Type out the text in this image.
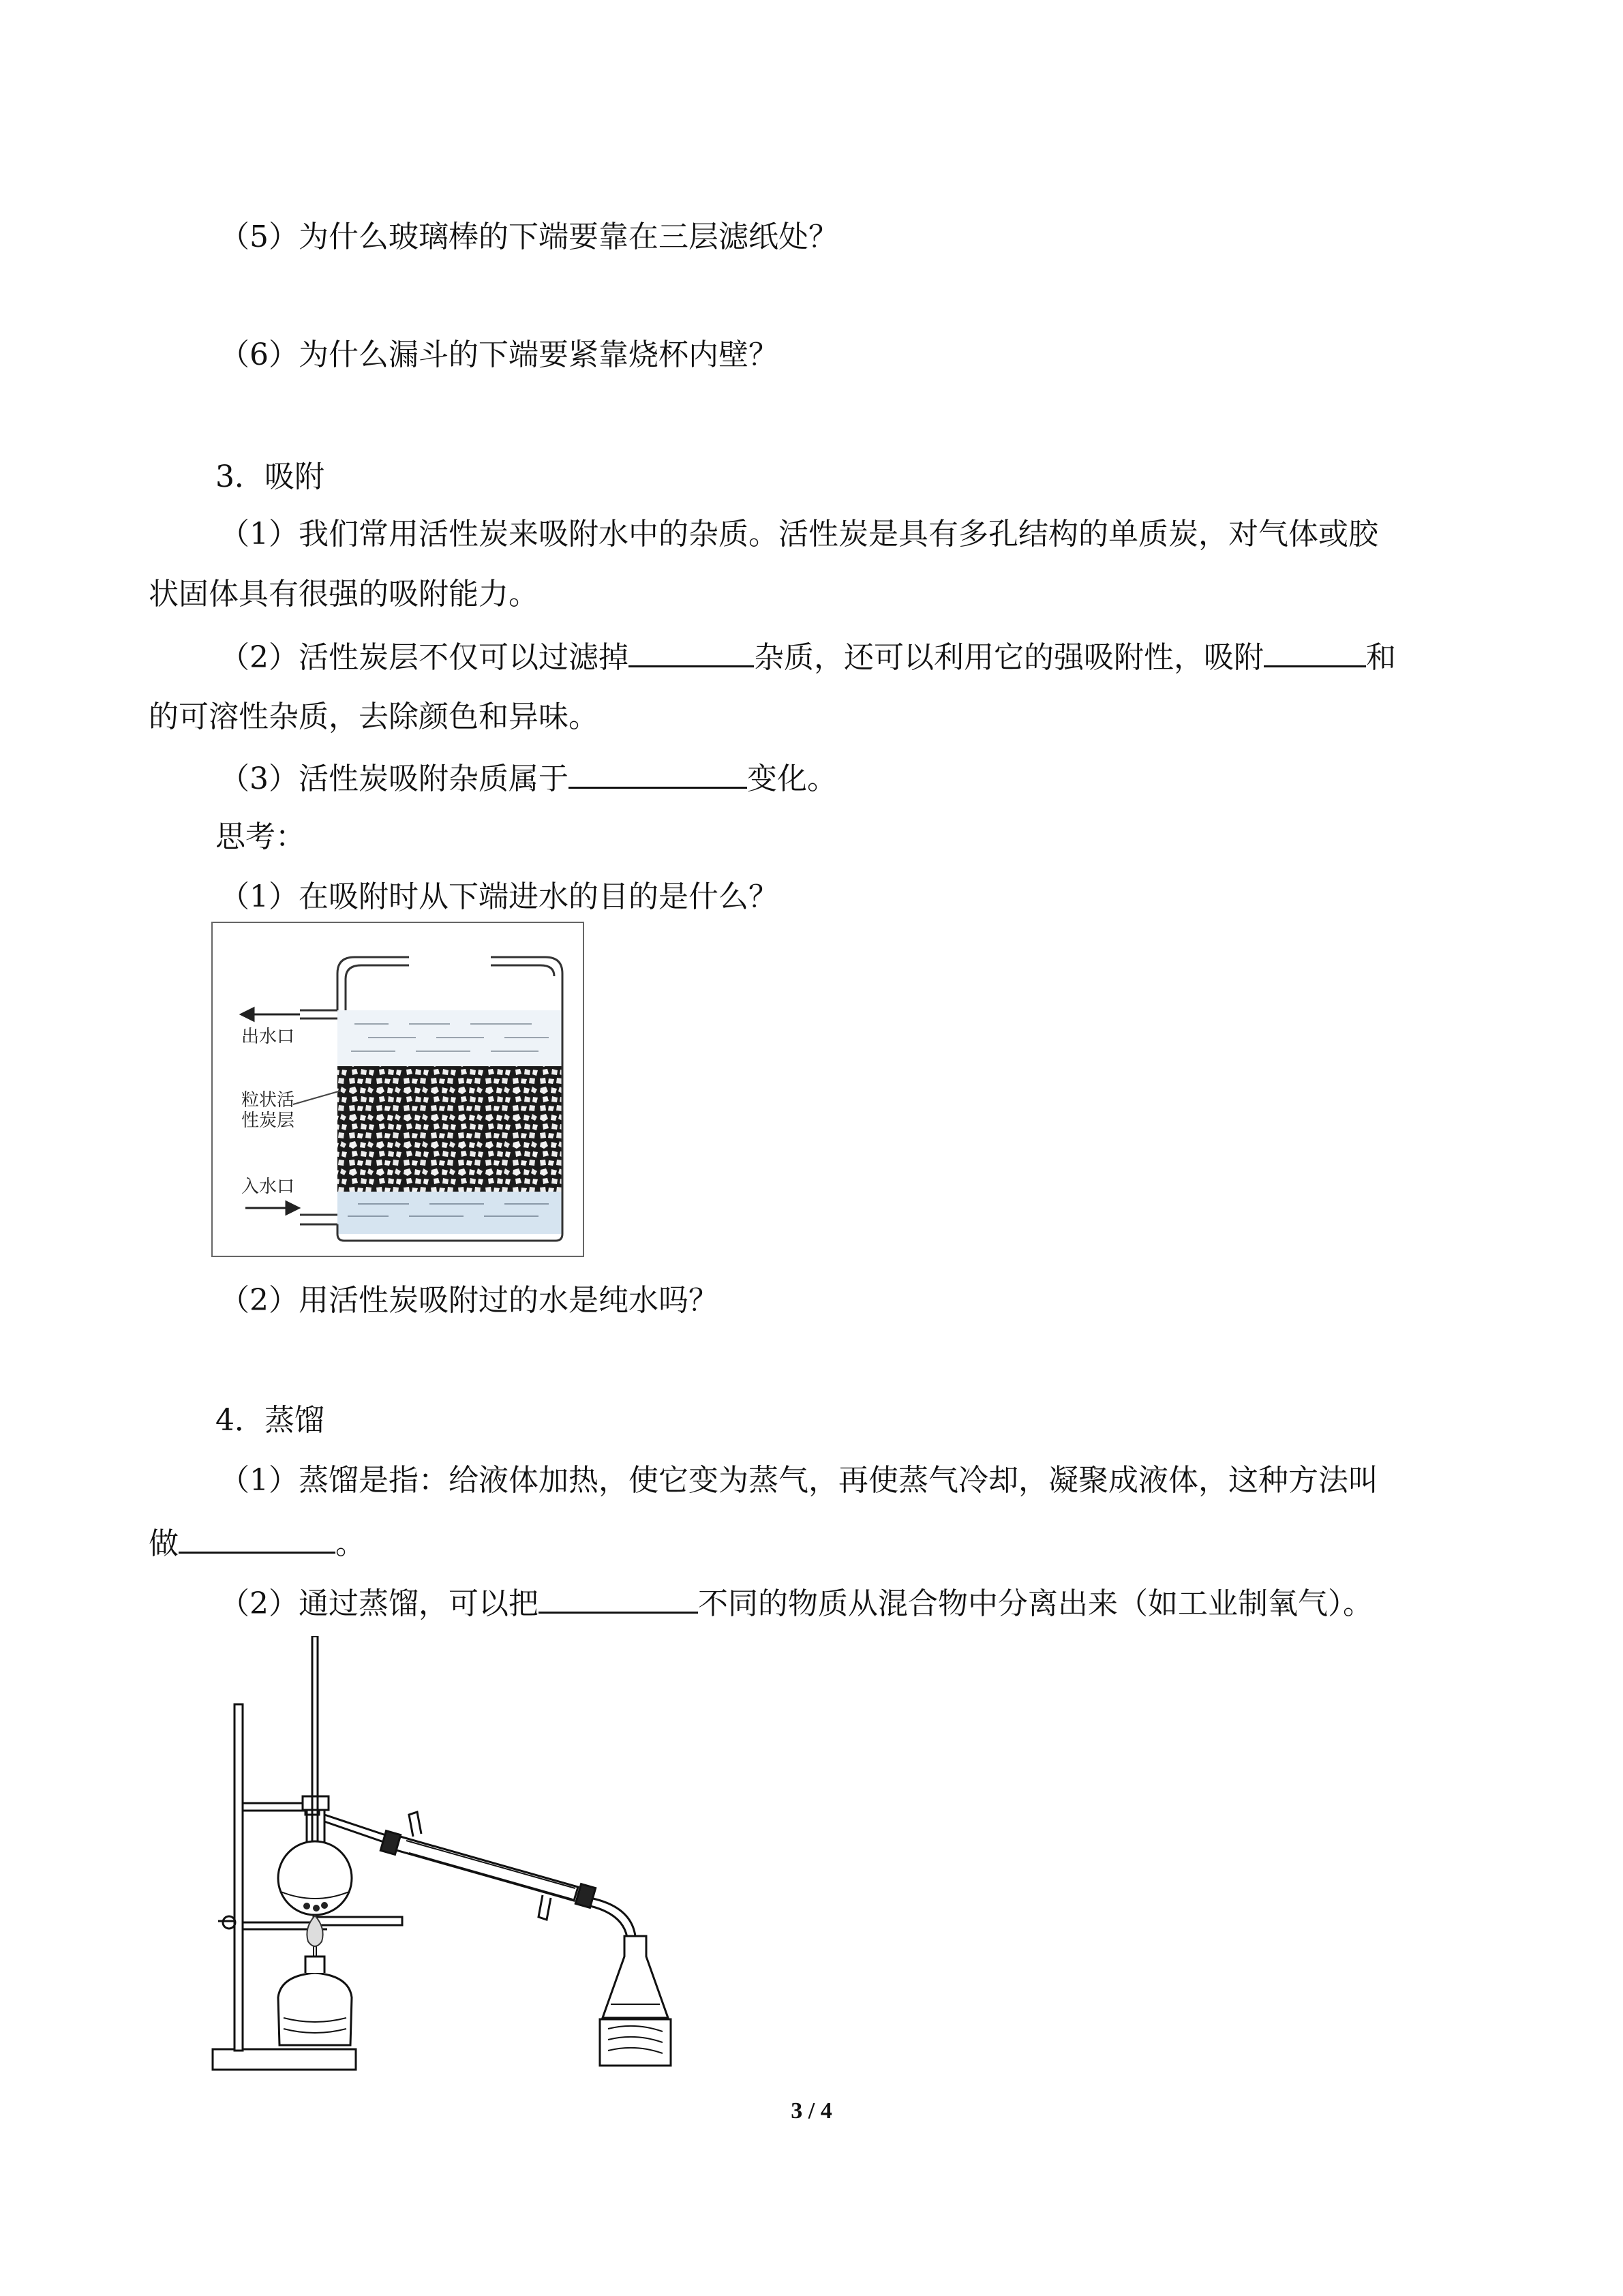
（5）为什么玻璃棒的下端要靠在三层滤纸处？
（6）为什么漏斗的下端要紧靠烧杯内壁？
3．吸附
（1）我们常用活性炭来吸附水中的杂质。活性炭是具有多孔结构的单质炭，对气体或胶
状固体具有很强的吸附能力。
（2）活性炭层不仅可以过滤掉	杂质，还可以利用它的强吸附性，吸附	和
的可溶性杂质，去除颜色和异味。
（3）活性炭吸附杂质属于	变化。
思考：
（1）在吸附时从下端进水的目的是什么？
出水口
粒状活
性炭层
入水口
（2）用活性炭吸附过的水是纯水吗？
4．蒸馏
（1）蒸馏是指：给液体加热，使它变为蒸气，再使蒸气冷却，凝聚成液体，这种方法叫
做	。
（2）通过蒸馏，可以把	不同的物质从混合物中分离出来（如工业制氧气）。
3 / 4
